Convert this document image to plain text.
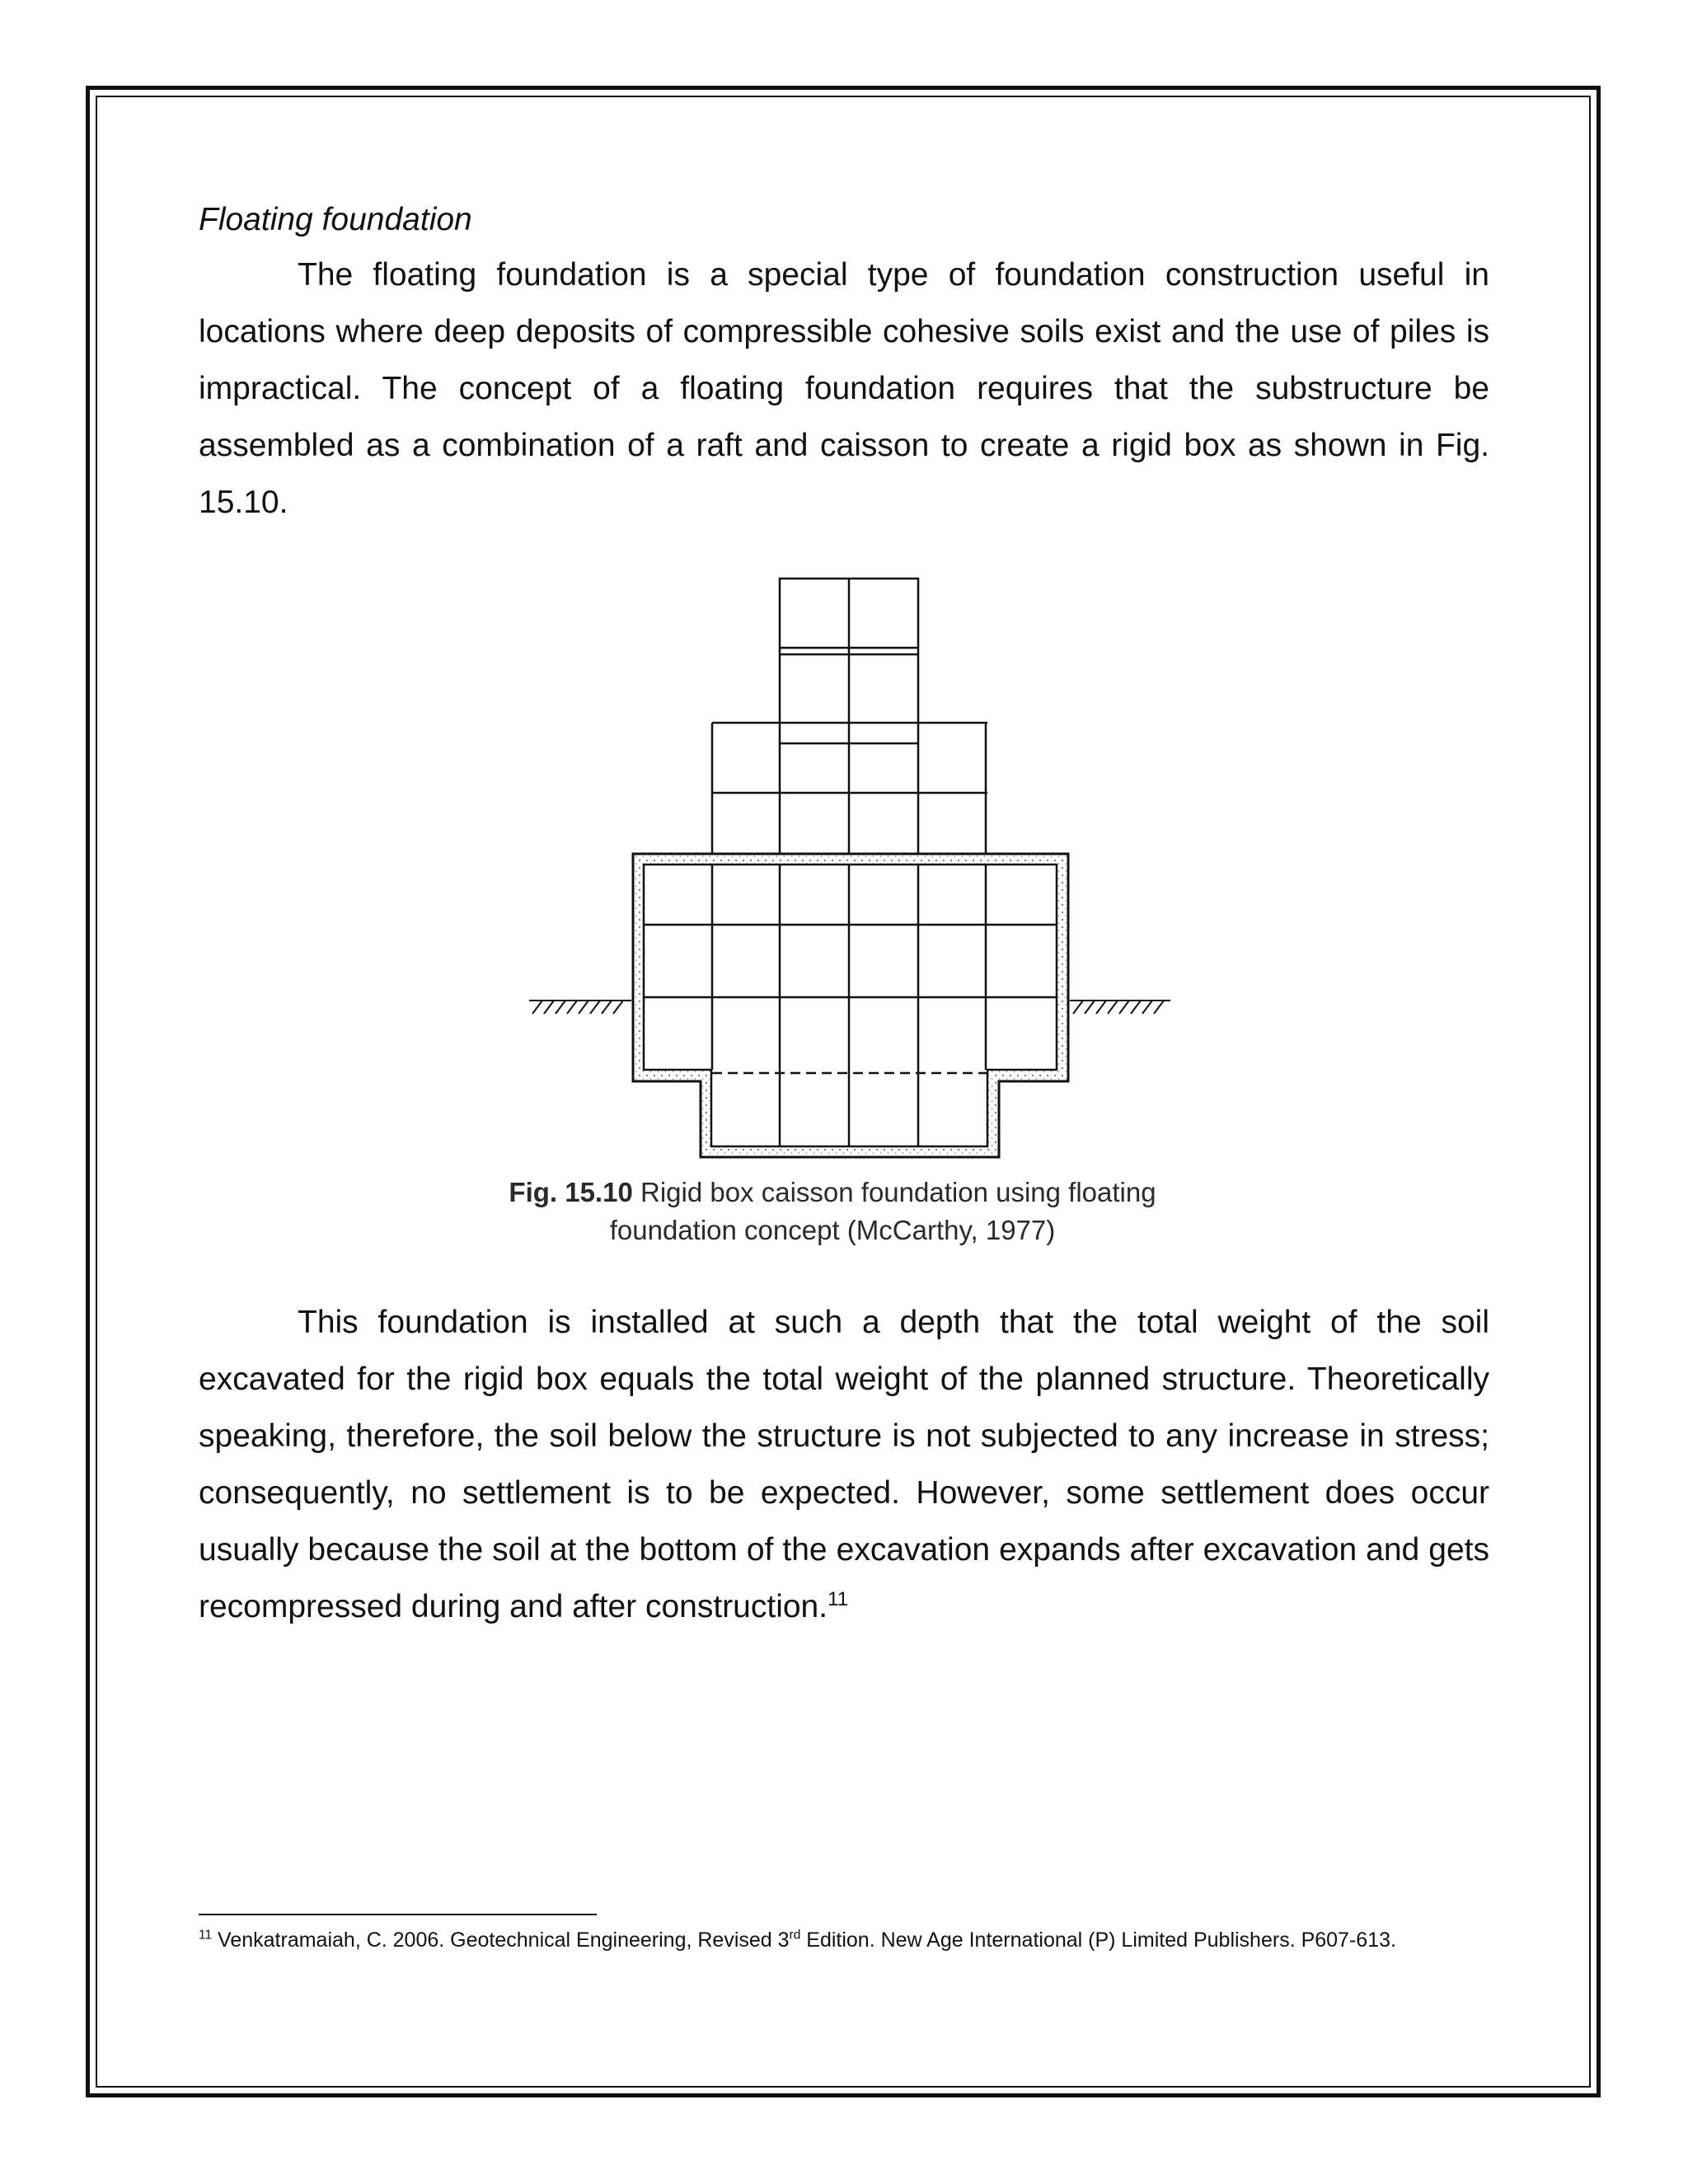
Floating foundation
The floating foundation is a special type of foundation construction useful in locations where deep deposits of compressible cohesive soils exist and the use of piles is impractical. The concept of a floating foundation requires that the substructure be assembled as a combination of a raft and caisson to create a rigid box as shown in Fig. 15.10.
Fig. 15.10 Rigid box caisson foundation using floating
foundation concept (McCarthy, 1977)
This foundation is installed at such a depth that the total weight of the soil excavated for the rigid box equals the total weight of the planned structure. Theoretically speaking, therefore, the soil below the structure is not subjected to any increase in stress; consequently, no settlement is to be expected. However, some settlement does occur usually because the soil at the bottom of the excavation expands after excavation and gets recompressed during and after construction.$^{11}$
$^{11}$ Venkatramaiah, C. 2006. Geotechnical Engineering, Revised 3rd Edition. New Age International (P) Limited Publishers. P607-613.
